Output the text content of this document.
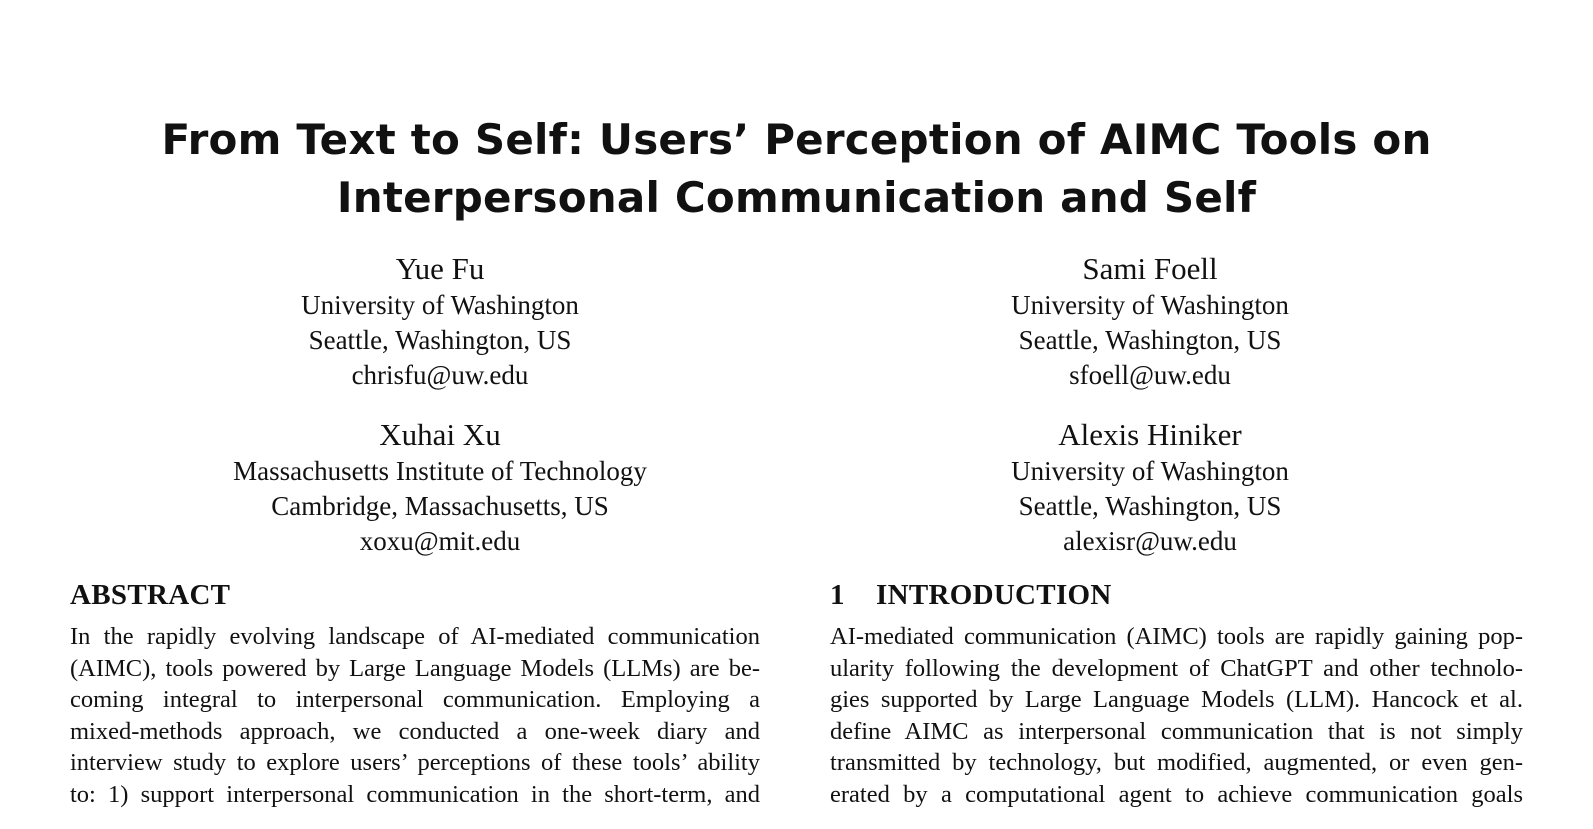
From Text to Self: Users’ Perception of AIMC Tools on
Interpersonal Communication and Self
Yue Fu
University of Washington
Seattle, Washington, US
chrisfu@uw.edu
Sami Foell
University of Washington
Seattle, Washington, US
sfoell@uw.edu
Xuhai Xu
Massachusetts Institute of Technology
Cambridge, Massachusetts, US
xoxu@mit.edu
Alexis Hiniker
University of Washington
Seattle, Washington, US
alexisr@uw.edu
ABSTRACT	1 INTRODUCTION
In the rapidly evolving landscape of AI-mediated communication
(AIMC), tools powered by Large Language Models (LLMs) are be-
coming integral to interpersonal communication. Employing a
mixed-methods approach, we conducted a one-week diary and
interview study to explore users’ perceptions of these tools’ ability
to: 1) support interpersonal communication in the short-term, and
AI-mediated communication (AIMC) tools are rapidly gaining pop-
ularity following the development of ChatGPT and other technolo-
gies supported by Large Language Models (LLM). Hancock et al.
define AIMC as interpersonal communication that is not simply
transmitted by technology, but modified, augmented, or even gen-
erated by a computational agent to achieve communication goals
